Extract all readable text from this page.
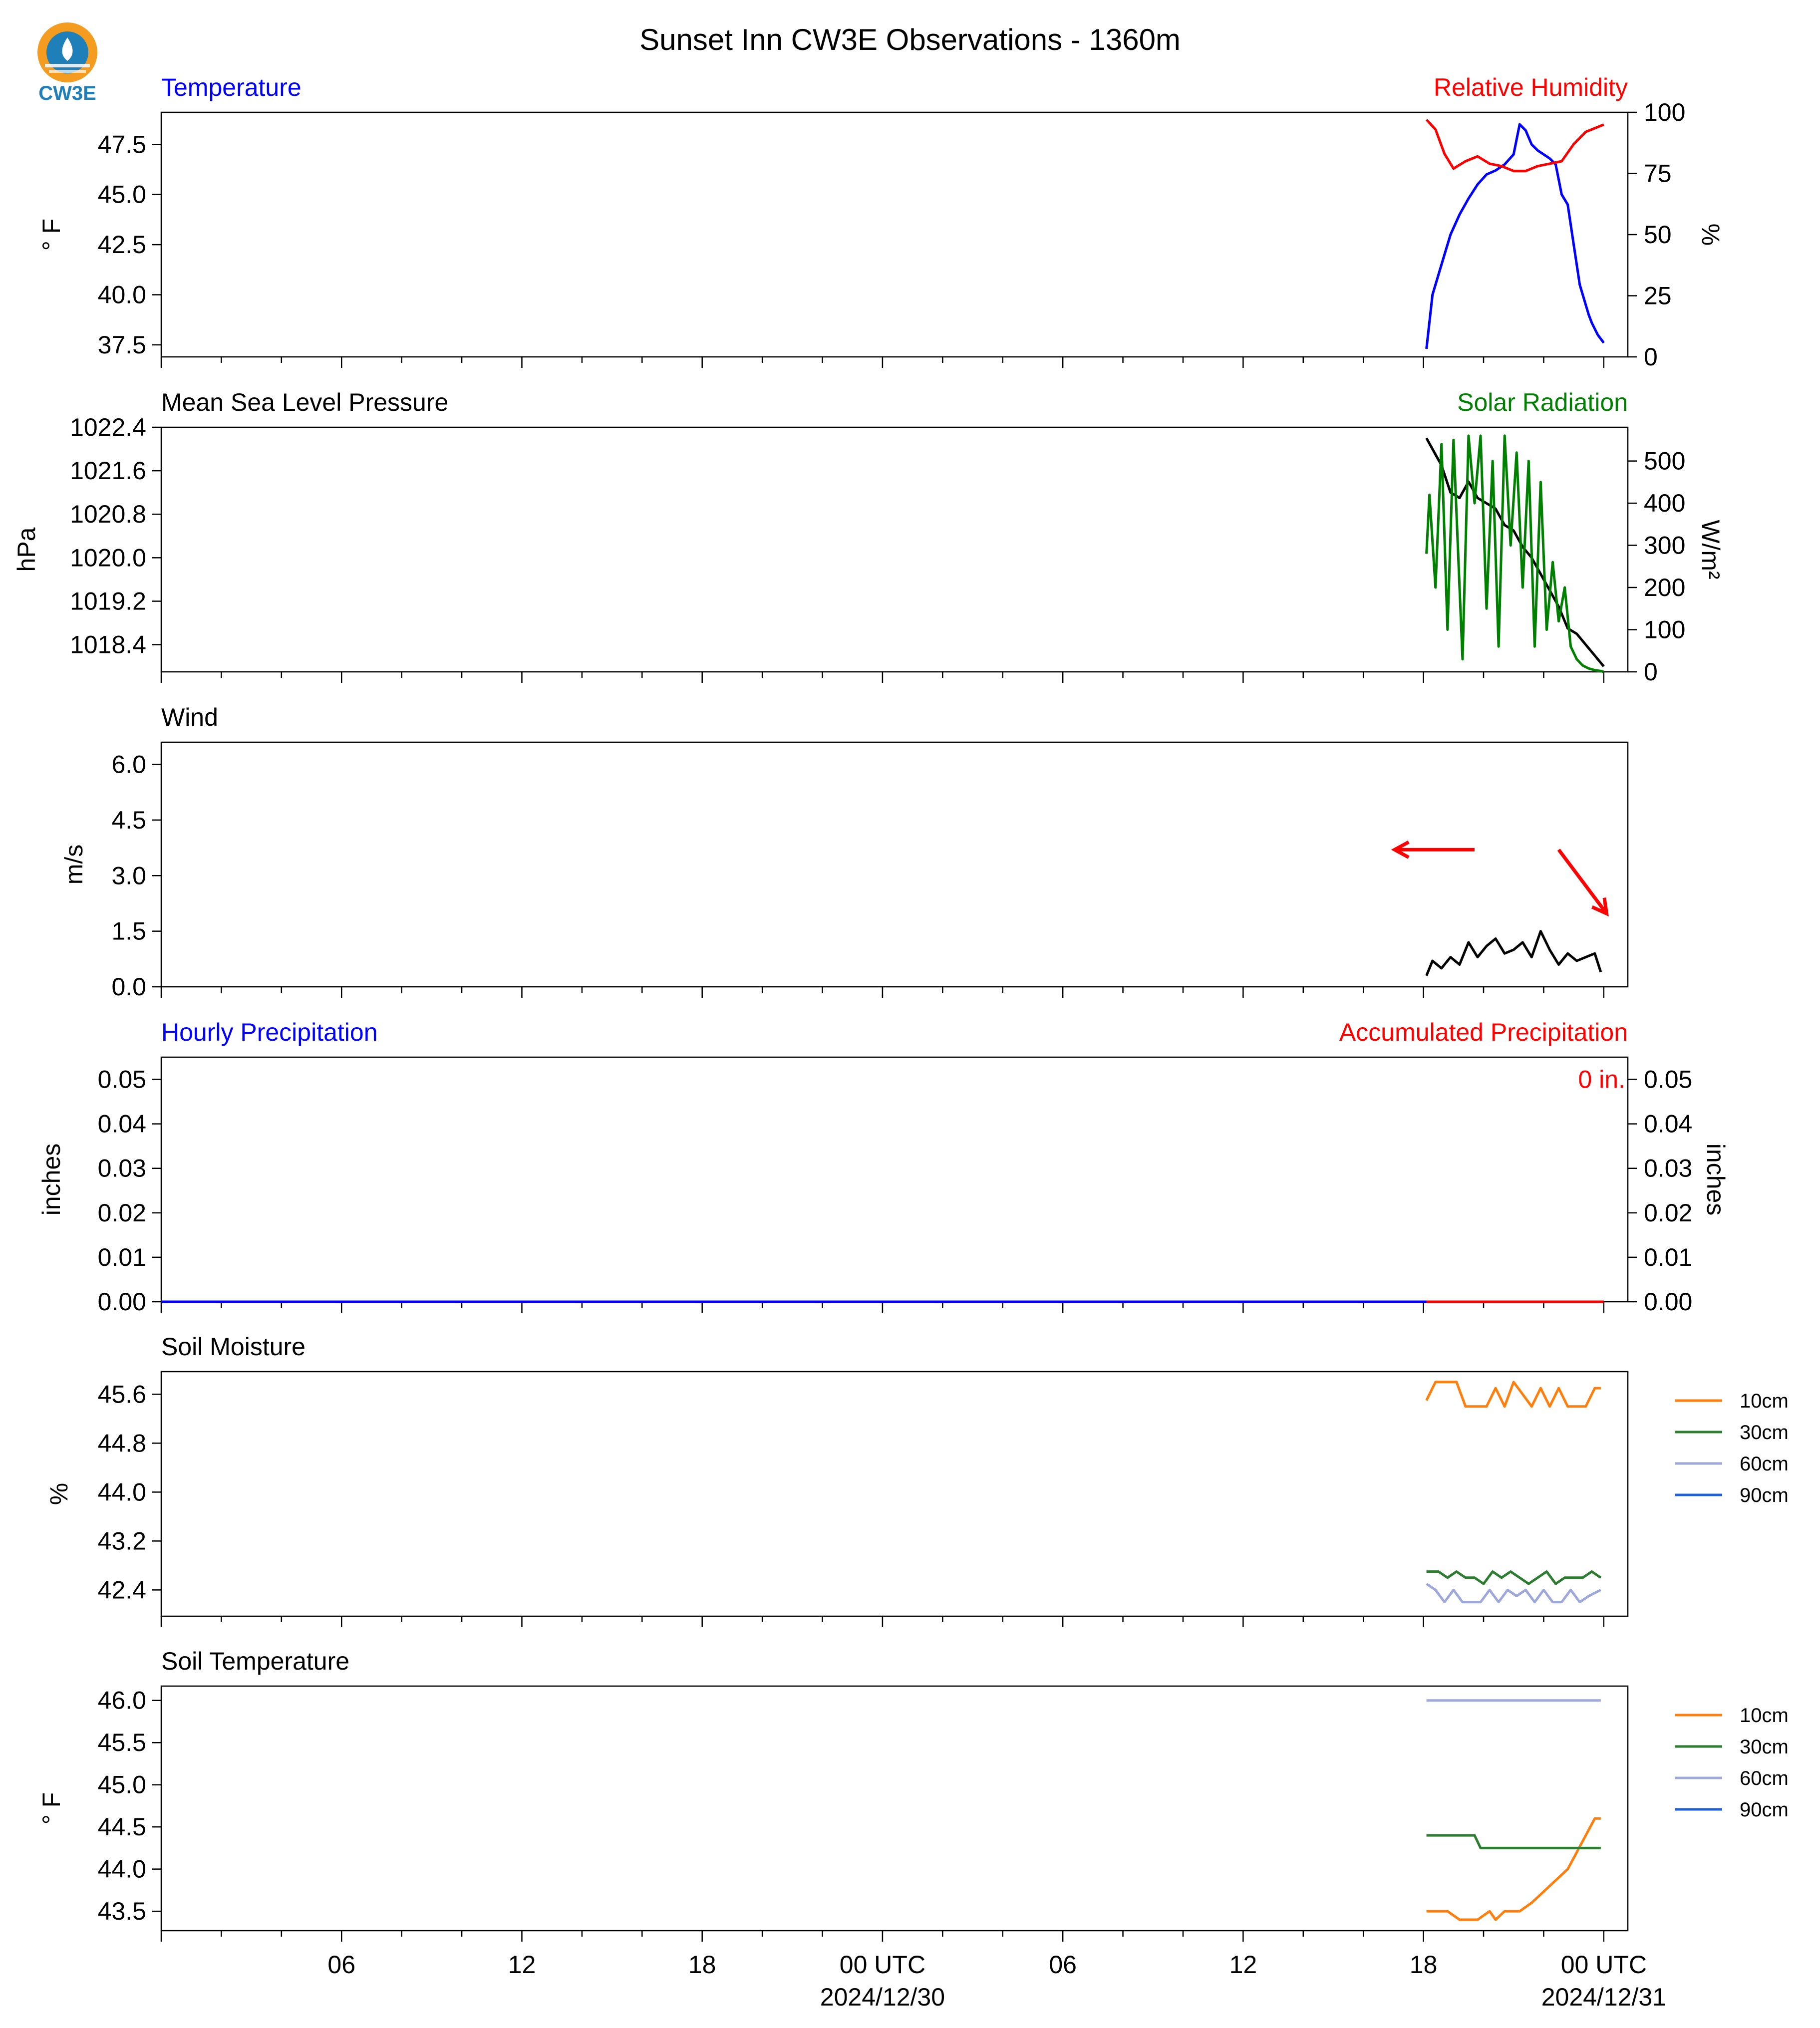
CW3E
Sunset Inn CW3E Observations - 1360m
Temperature	Relative Humidity
37.5
40.0
42.5
45.0
47.5
0
25
50
75
100
° F	%
Mean Sea Level Pressure	Solar Radiation
1018.4
1019.2
1020.0
1020.8
1021.6
1022.4
0
100
200
300
400
500
hPa	W/m²
Wind
0.0
1.5
3.0
4.5
6.0
m/s
Hourly Precipitation	Accumulated Precipitation
0.00
0.01
0.02
0.03
0.04
0.05
0.00
0.01
0.02
0.03
0.04
0.05
inches	inches
0 in.
Soil Moisture
42.4
43.2
44.0
44.8
45.6
%
10cm
30cm
60cm
90cm
Soil Temperature
43.5
44.0
44.5
45.0
45.5
46.0
° F
10cm
30cm
60cm
90cm
06	12	18	00 UTC	06	12	18	00 UTC
2024/12/30	2024/12/31
